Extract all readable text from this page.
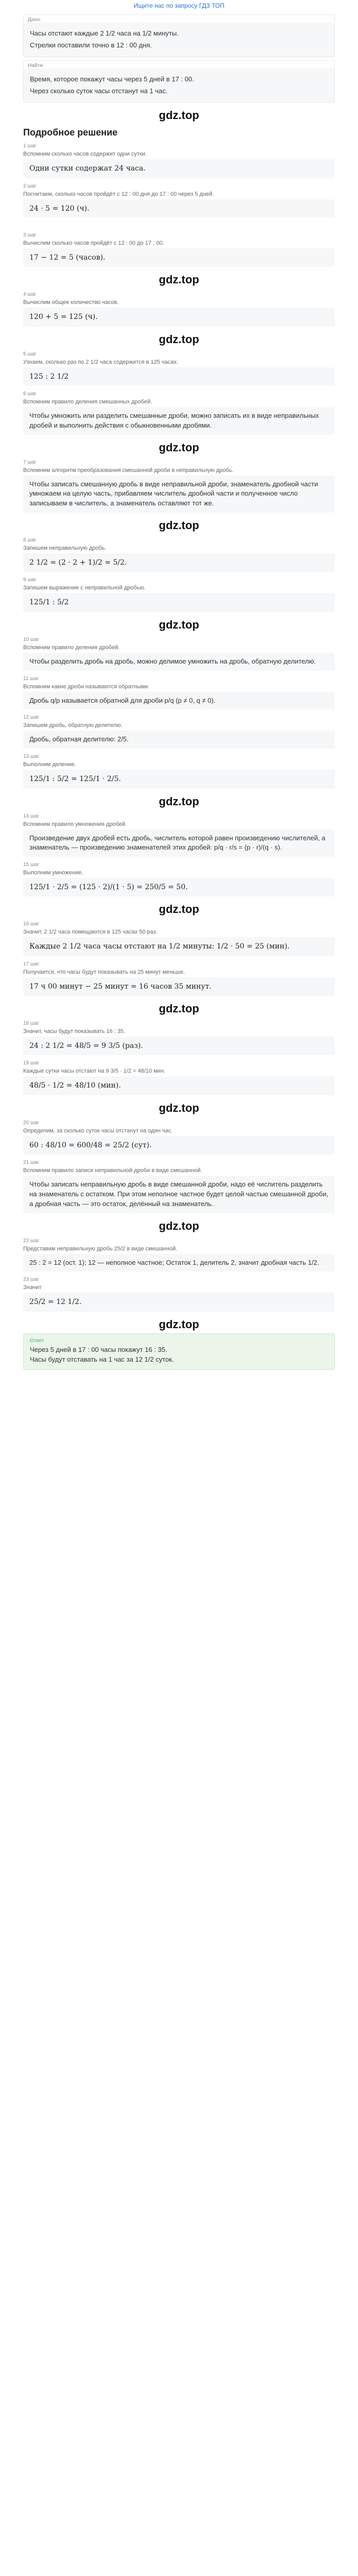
Ищите нас по запросу ГДЗ ТОП
Дано:
Часы отстают каждые 2 1/2 часа на 1/2 минуты.
Стрелки поставили точно в 12 : 00 дня.
Найти:
Время, которое покажут часы через 5 дней в 17 : 00.
Через сколько суток часы отстанут на 1 час.
gdz.top
Подробное решение
1 шаг
Вспомним сколько часов содержит одни сутки.
Одни сутки содержат 24 часа.
2 шаг
Посчитаем, сколько часов пройдёт с 12 : 00 дня до 17 : 00 через 5 дней.
24 · 5 = 120 (ч).
3 шаг
Вычислим сколько часов пройдёт с 12 : 00 до 17 : 00.
17 − 12 = 5 (часов).
gdz.top
4 шаг
Вычислим общее количество часов.
120 + 5 = 125 (ч).
gdz.top
5 шаг
Узнаем, сколько раз по 2 1/2 часа содержится в 125 часах.
125 : 2 1/2
6 шаг
Вспомним правило деления смешанных дробей.
Чтобы умножить или разделить смешанные дроби, можно записать их в виде неправильных дробей и выполнить действия с обыкновенными дробями.
gdz.top
7 шаг
Вспомним алгоритм преобразования смешанной дроби в неправильную дробь.
Чтобы записать смешанную дробь в виде неправильной дроби, знаменатель дробной части умножаем на целую часть, прибавляем числитель дробной части и полученное число записываем в числитель, а знаменатель оставляют тот же.
gdz.top
8 шаг
Запишем неправильную дробь.
2 1/2 = (2 · 2 + 1)/2 = 5/2.
9 шаг
Запишем выражение с неправильной дробью.
125/1 : 5/2
gdz.top
10 шаг
Вспомним правило деления дробей.
Чтобы разделить дробь на дробь, можно делимое умножить на дробь, обратную делителю.
11 шаг
Вспомним какие дроби называются обратными.
Дробь q/p называется обратной для дроби p/q (p ≠ 0, q ≠ 0).
12 шаг
Запишем дробь, обратную делителю.
Дробь, обратная делителю: 2/5.
13 шаг
Выполним деление.
125/1 : 5/2 = 125/1 · 2/5.
gdz.top
14 шаг
Вспомним правило умножения дробей.
Произведение двух дробей есть дробь, числитель которой равен произведению числителей, а знаменатель — произведению знаменателей этих дробей: p/q · r/s = (p · r)/(q · s).
15 шаг
Выполним умножение.
125/1 · 2/5 = (125 · 2)/(1 · 5) = 250/5 = 50.
gdz.top
16 шаг
Значит, 2 1/2 часа помещаются в 125 часах 50 раз.
Каждые 2 1/2 часа часы отстают на 1/2 минуты: 1/2 · 50 = 25 (мин).
17 шаг
Получается, что часы будут показывать на 25 минут меньше.
17 ч 00 минут − 25 минут = 16 часов 35 минут.
gdz.top
18 шаг
Значит, часы будут показывать 16 : 35.
24 : 2 1/2 = 48/5 = 9 3/5 (раз).
19 шаг
Каждые сутки часы отстают на 9 3/5 · 1/2 = 48/10 мин.
48/5 · 1/2 = 48/10 (мин).
gdz.top
20 шаг
Определим, за сколько суток часы отстанут на один час.
60 : 48/10 = 600/48 = 25/2 (сут).
21 шаг
Вспомним правило записи неправильной дроби в виде смешанной.
Чтобы записать неправильную дробь в виде смешанной дроби, надо её числитель разделить на знаменатель с остатком. При этом неполное частное будет целой частью смешанной дроби, а дробная часть — это остаток, делённый на знаменатель.
gdz.top
22 шаг
Представим неправильную дробь 25/2 в виде смешанной.
25 : 2 = 12 (ост. 1); 12 — неполное частное; Остаток 1, делитель 2, значит дробная часть 1/2.
23 шаг
Значит
25/2 = 12 1/2.
gdz.top
Ответ
Через 5 дней в 17 : 00 часы покажут 16 : 35.
Часы будут отставать на 1 час за 12 1/2 суток.
